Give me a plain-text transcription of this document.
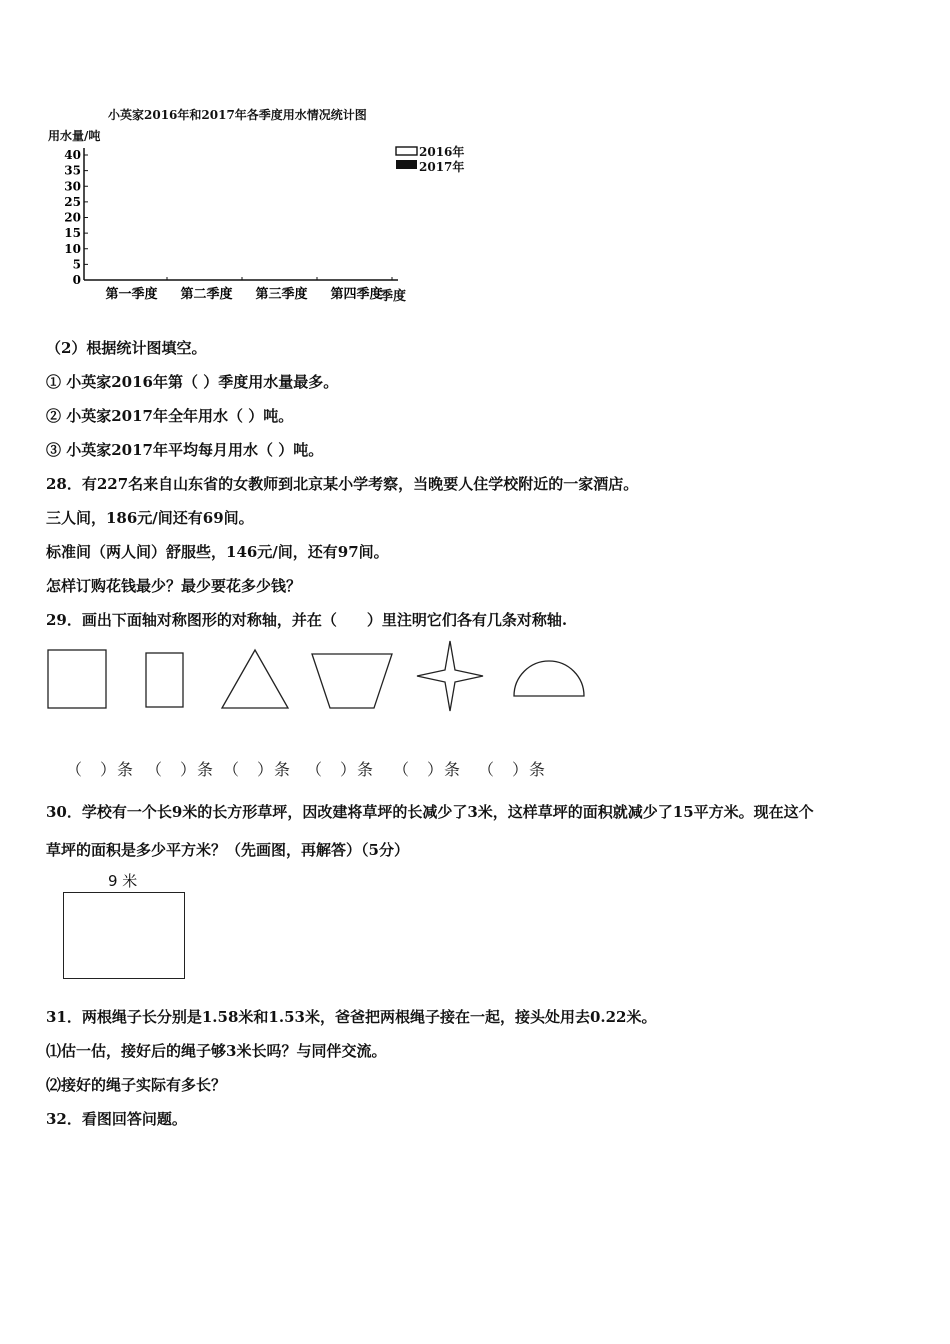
小英家2016年和2017年各季度用水情况统计图
用水量/吨
0
5
10
15
20
25
30
35
40
第一季度 第二季度 第三季度 第四季度
2016年
2017年
季度
（2）根据统计图填空。
① 小英家2016年第（ ）季度用水量最多。
② 小英家2017年全年用水（ ）吨。
③ 小英家2017年平均每月用水（ ）吨。
28．有227名来自山东省的女教师到北京某小学考察，当晚要人住学校附近的一家酒店。
三人间，186元/间还有69间。
标准间（两人间）舒服些，146元/间，还有97间。
怎样订购花钱最少？最少要花多少钱？
29．画出下面轴对称图形的对称轴，并在（　　）里注明它们各有几条对称轴.
（　）条 （　）条 （　）条 （　）条 （　）条 （　）条
30．学校有一个长9米的长方形草坪，因改建将草坪的长减少了3米，这样草坪的面积就减少了15平方米。现在这个
草坪的面积是多少平方米？（先画图，再解答）（5分）
9 米
31．两根绳子长分别是1.58米和1.53米，爸爸把两根绳子接在一起，接头处用去0.22米。
⑴估一估，接好后的绳子够3米长吗？与同伴交流。
⑵接好的绳子实际有多长？
32．看图回答问题。
